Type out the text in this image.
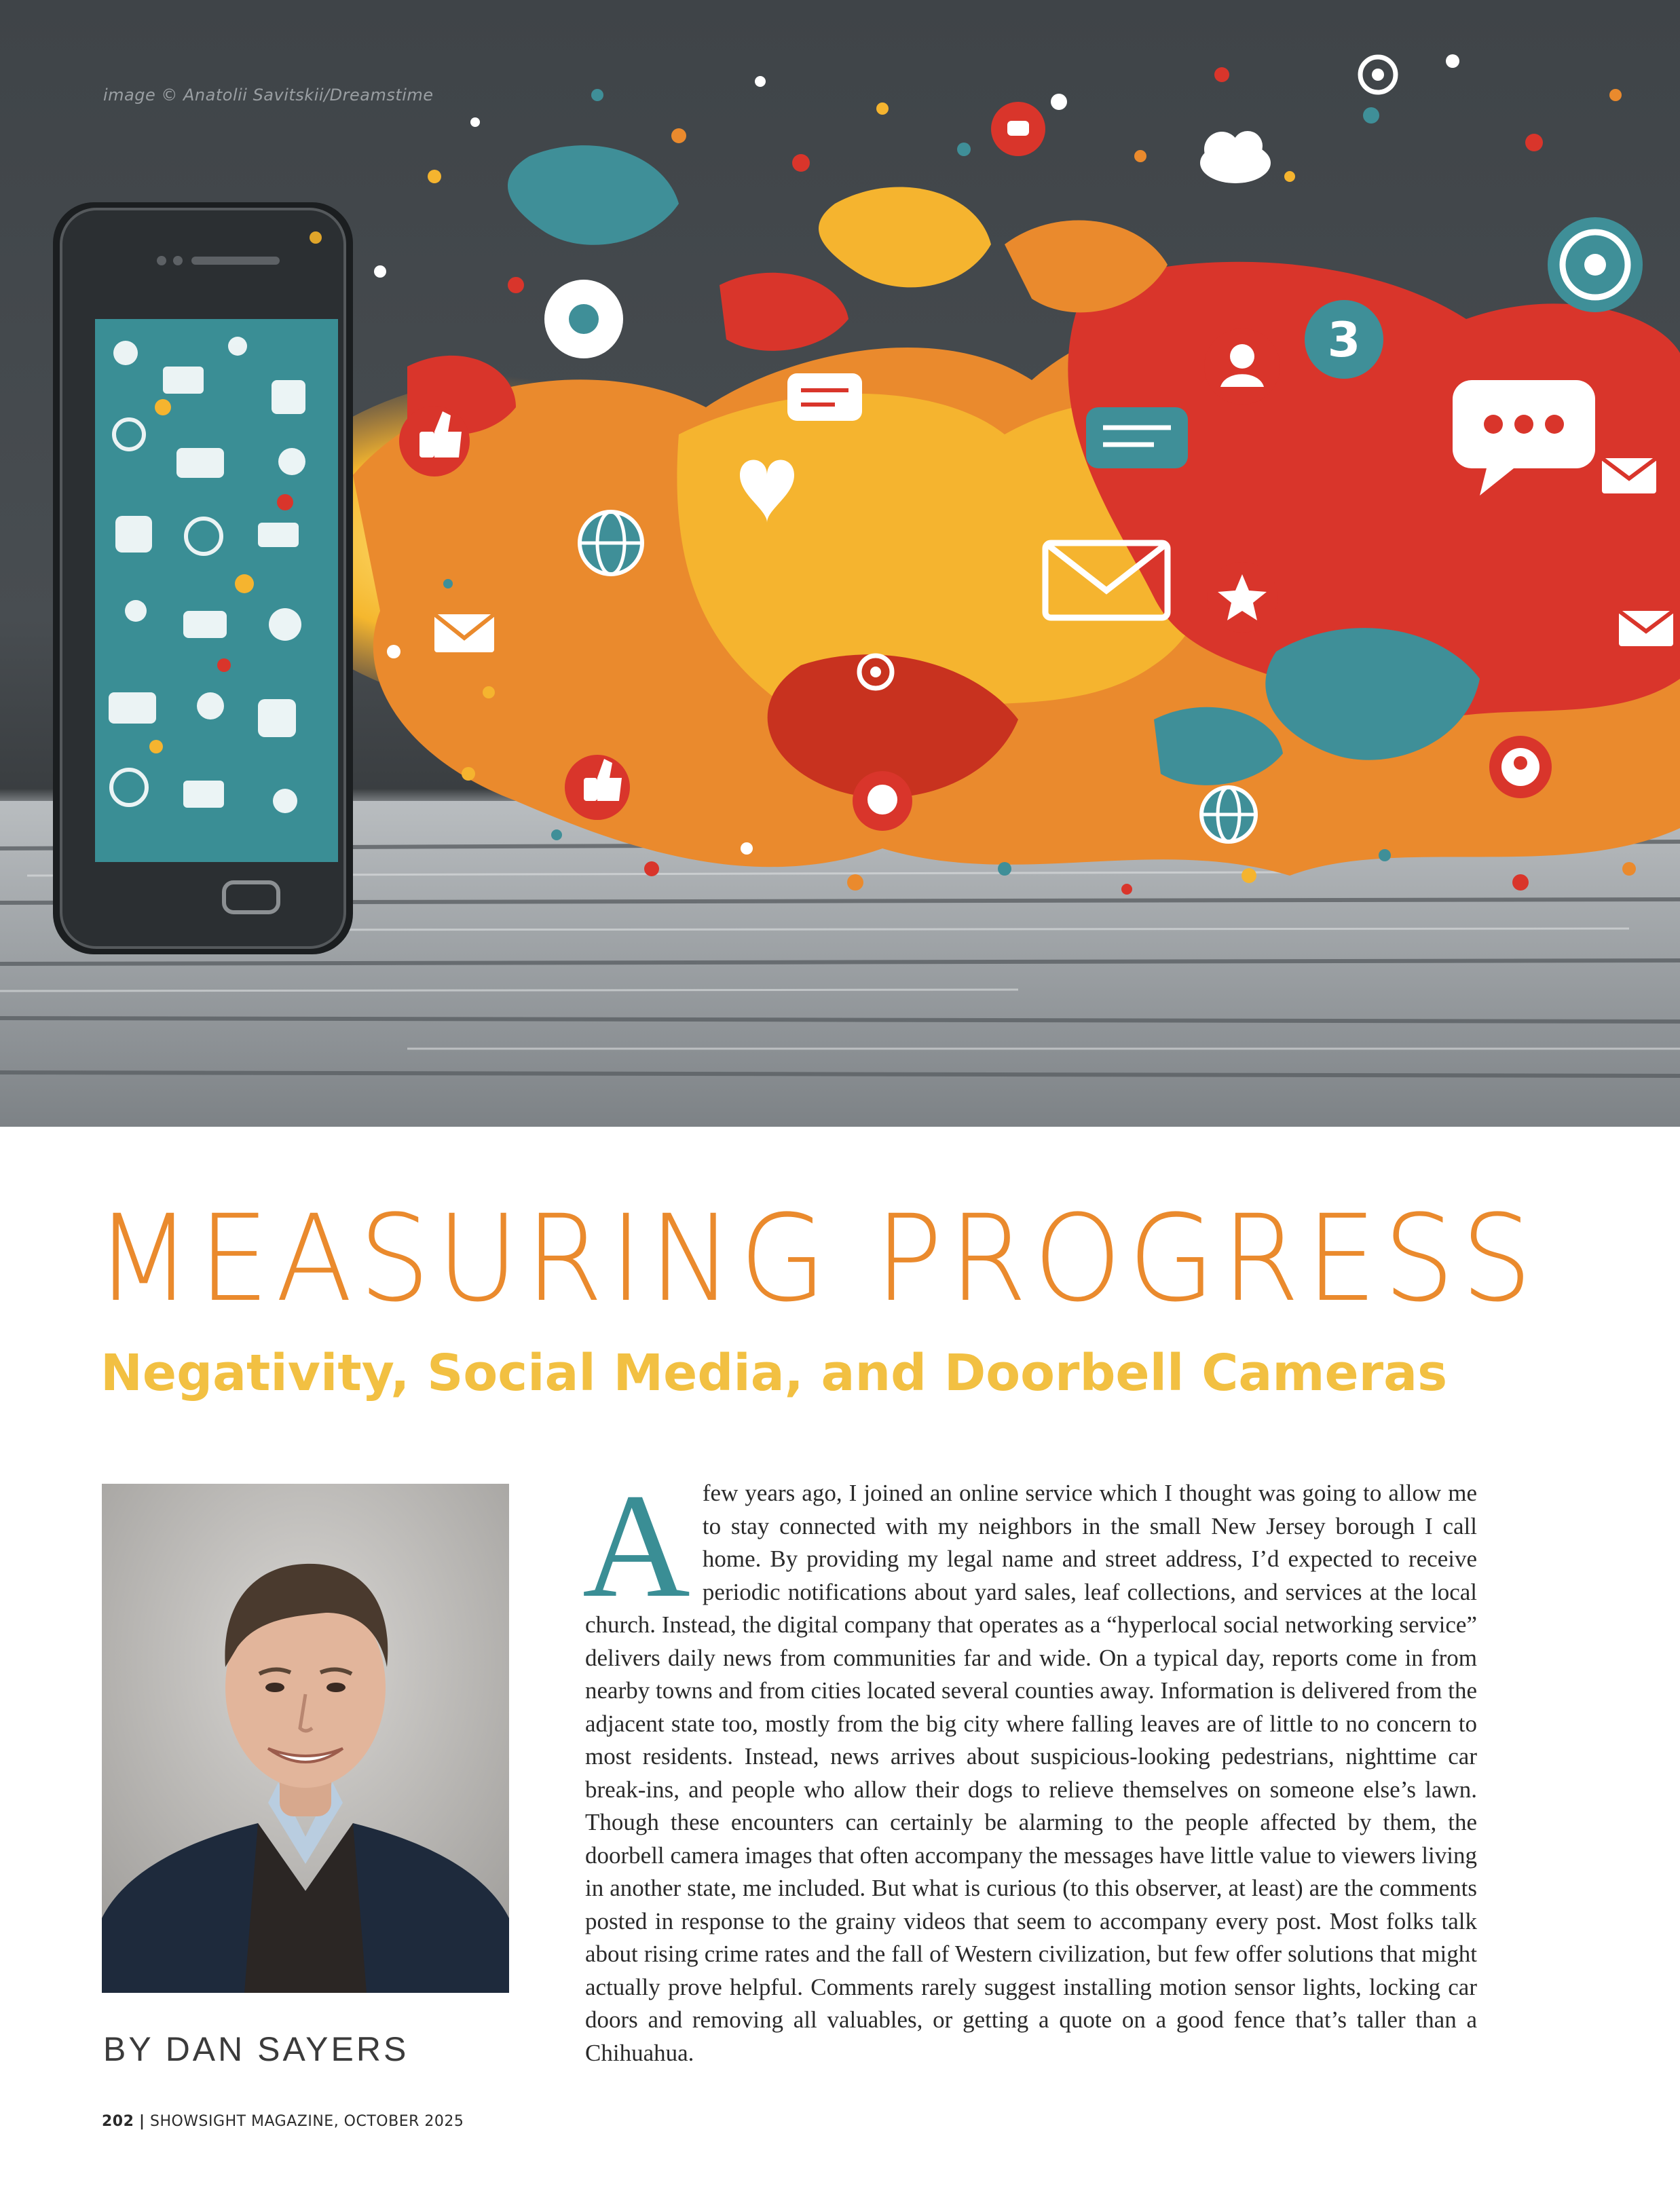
3
image © Anatolii Savitskii/Dreamstime
MEASURING PROGRESS
Negativity, Social Media, and Doorbell Cameras
BY DAN SAYERS
A few years ago, I joined an online service which I thought was going to allow me to stay connected with my neighbors in the small New Jersey borough I call home. By providing my legal name and street address, I’d expected to receive periodic notifications about yard sales, leaf collections, and services at the local church. Instead, the digital company that operates as a “hyperlocal social networking service” delivers daily news from communities far and wide. On a typical day, reports come in from nearby towns and from cities located several counties away. Information is delivered from the adjacent state too, mostly from the big city where falling leaves are of little to no concern to most residents. Instead, news arrives about suspicious-looking pedestrians, nighttime car break-ins, and people who allow their dogs to relieve themselves on someone else’s lawn. Though these encounters can certainly be alarming to the people affected by them, the doorbell camera images that often accompany the messages have little value to viewers living in another state, me included. But what is curious (to this observer, at least) are the comments posted in response to the grainy videos that seem to accompany every post. Most folks talk about rising crime rates and the fall of Western civilization, but few offer solutions that might actually prove helpful. Comments rarely suggest installing motion sensor lights, locking car doors and removing all valuables, or getting a quote on a good fence that’s taller than a Chihuahua.
202 | SHOWSIGHT MAGAZINE, OCTOBER 2025
